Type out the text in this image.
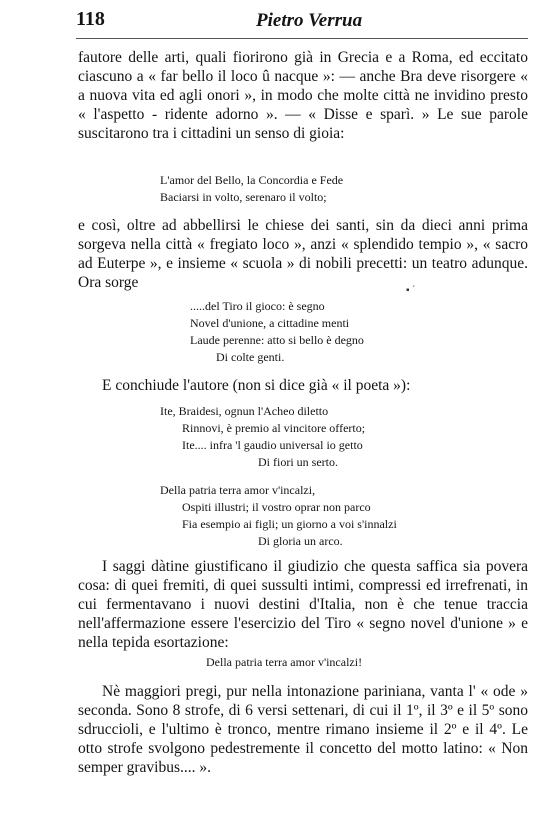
118	Pietro Verrua

fautore delle arti, quali fiorirono già in Grecia e a Roma, ed eccitato ciascuno a « far bello il loco û nacque »: — anche Bra deve risorgere « a nuova vita ed agli onori », in modo che molte città ne invidino presto « l'aspetto - ridente adorno ». — « Disse e sparì. » Le sue parole suscitarono tra i cittadini un senso di gioia:

L'amor del Bello, la Concordia e Fede
Baciarsi in volto, serenaro il volto;

e così, oltre ad abbellirsi le chiese dei santi, sin da dieci anni prima sorgeva nella città « fregiato loco », anzi « splendido tempio », « sacro ad Euterpe », e insieme « scuola » di nobili precetti: un teatro adunque. Ora sorge	▪ ˊ
.....del Tiro il gioco: è segno
Novel d'unione, a cittadine menti
Laude perenne: atto si bello è degno
Di colte genti.

E conchiude l'autore (non si dice già « il poeta »):

Ite, Braidesi, ognun l'Acheo diletto
Rinnovi, è premio al vincitore offerto;
Ite.... infra 'l gaudio universal io getto
Di fiori un serto.
Della patria terra amor v'incalzi,
Ospiti illustri; il vostro oprar non parco
Fia esempio ai figli; un giorno a voi s'innalzi
Di gloria un arco.

I saggi dàtine giustificano il giudizio che questa saffica sia povera cosa: di quei fremiti, di quei sussulti intimi, compressi ed irrefrenati, in cui fermentavano i nuovi destini d'Italia, non è che tenue traccia nell'affermazione essere l'esercizio del Tiro « segno novel d'unione » e nella tepida esortazione:

Della patria terra amor v'incalzi!

Nè maggiori pregi, pur nella intonazione pariniana, vanta l' « ode » seconda. Sono 8 strofe, di 6 versi settenari, di cui il 1º, il 3º e il 5º sono sdruccioli, e l'ultimo è tronco, mentre rimano insieme il 2º e il 4º. Le otto strofe svolgono pedestremente il concetto del motto latino: « Non semper gravibus.... ».
